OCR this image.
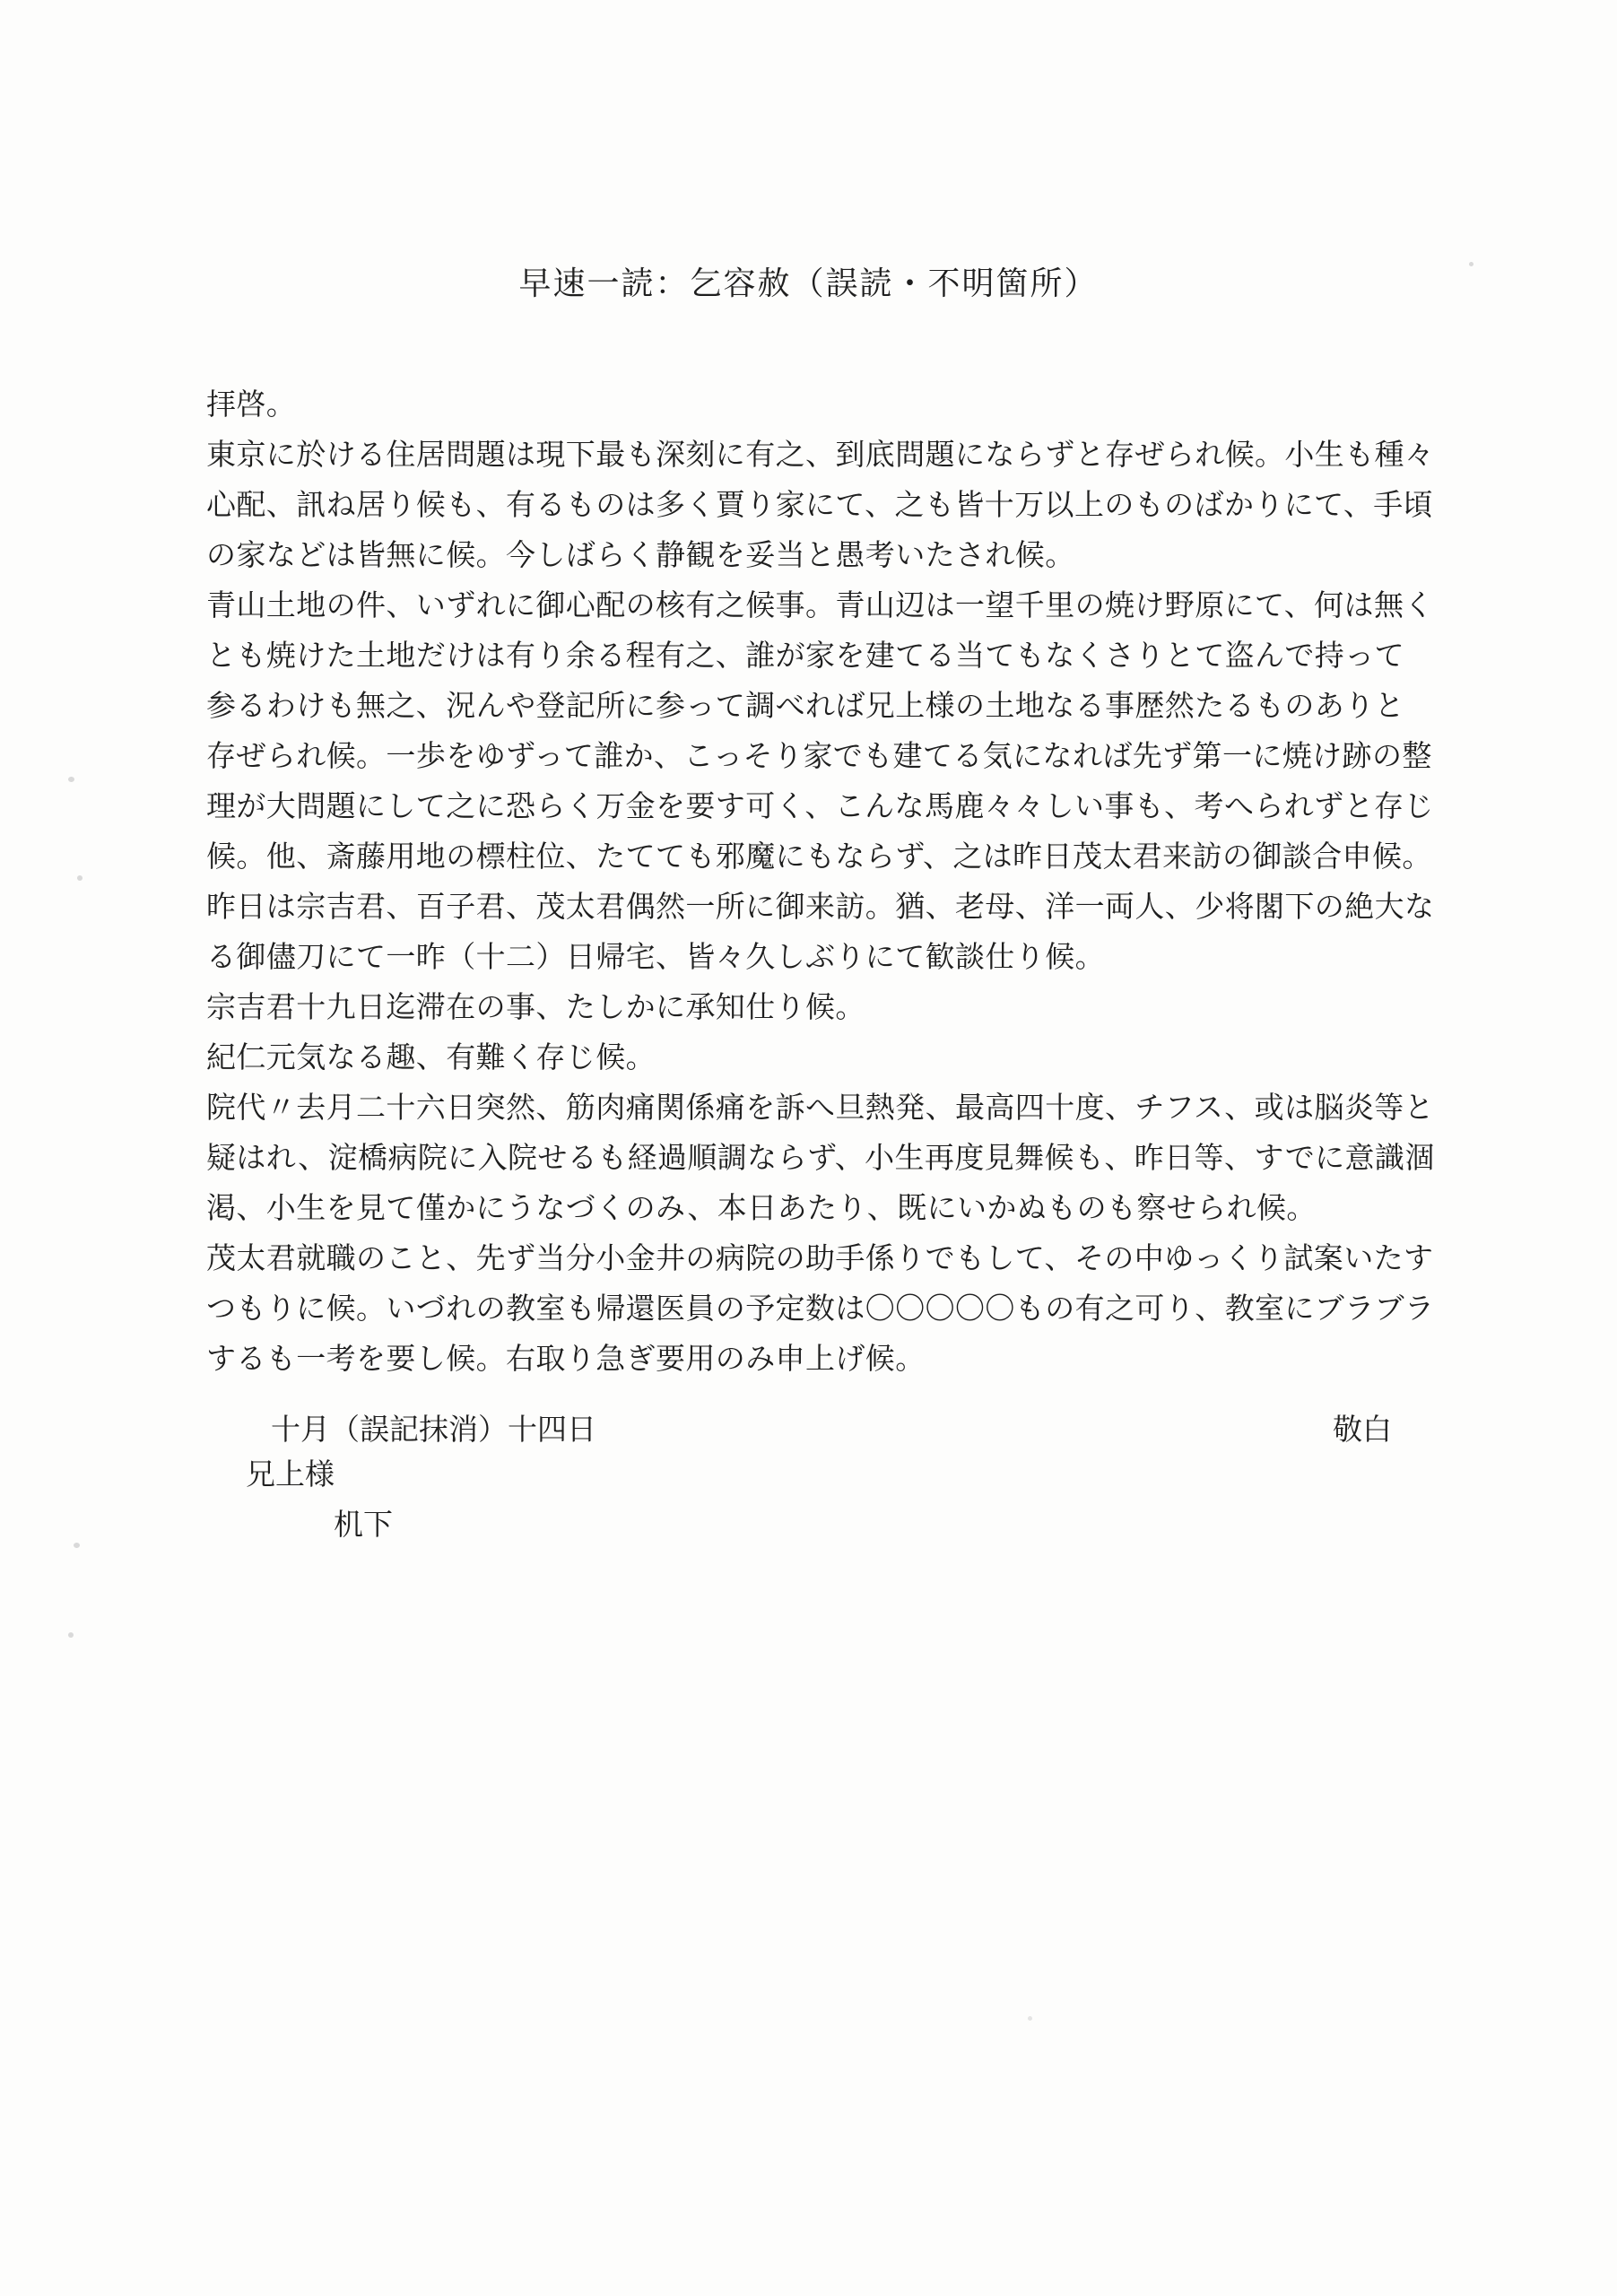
早速一読：乞容赦（誤読・不明箇所）
拝啓。
東京に於ける住居問題は現下最も深刻に有之、到底問題にならずと存ぜられ候。小生も種々
心配、訊ね居り候も、有るものは多く賈り家にて、之も皆十万以上のものばかりにて、手頃
の家などは皆無に候。今しばらく静観を妥当と愚考いたされ候。
青山土地の件、いずれに御心配の核有之候事。青山辺は一望千里の焼け野原にて、何は無く
とも焼けた土地だけは有り余る程有之、誰が家を建てる当てもなくさりとて盗んで持って
参るわけも無之、況んや登記所に参って調べれば兄上様の土地なる事歴然たるものありと
存ぜられ候。一歩をゆずって誰か、こっそり家でも建てる気になれば先ず第一に焼け跡の整
理が大問題にして之に恐らく万金を要す可く、こんな馬鹿々々しい事も、考へられずと存じ
候。他、斎藤用地の標柱位、たてても邪魔にもならず、之は昨日茂太君来訪の御談合申候。
昨日は宗吉君、百子君、茂太君偶然一所に御来訪。猶、老母、洋一両人、少将閣下の絶大な
る御儘刀にて一昨（十二）日帰宅、皆々久しぶりにて歓談仕り候。
宗吉君十九日迄滞在の事、たしかに承知仕り候。
紀仁元気なる趣、有難く存じ候。
院代〃去月二十六日突然、筋肉痛関係痛を訴へ旦熱発、最高四十度、チフス、或は脳炎等と
疑はれ、淀橋病院に入院せるも経過順調ならず、小生再度見舞候も、昨日等、すでに意識涸
渇、小生を見て僅かにうなづくのみ、本日あたり、既にいかぬものも察せられ候。
茂太君就職のこと、先ず当分小金井の病院の助手係りでもして、その中ゆっくり試案いたす
つもりに候。いづれの教室も帰還医員の予定数は〇〇〇〇〇もの有之可り、教室にブラブラ
するも一考を要し候。右取り急ぎ要用のみ申上げ候。
十月（誤記抹消）十四日	敬白
兄上様
机下
